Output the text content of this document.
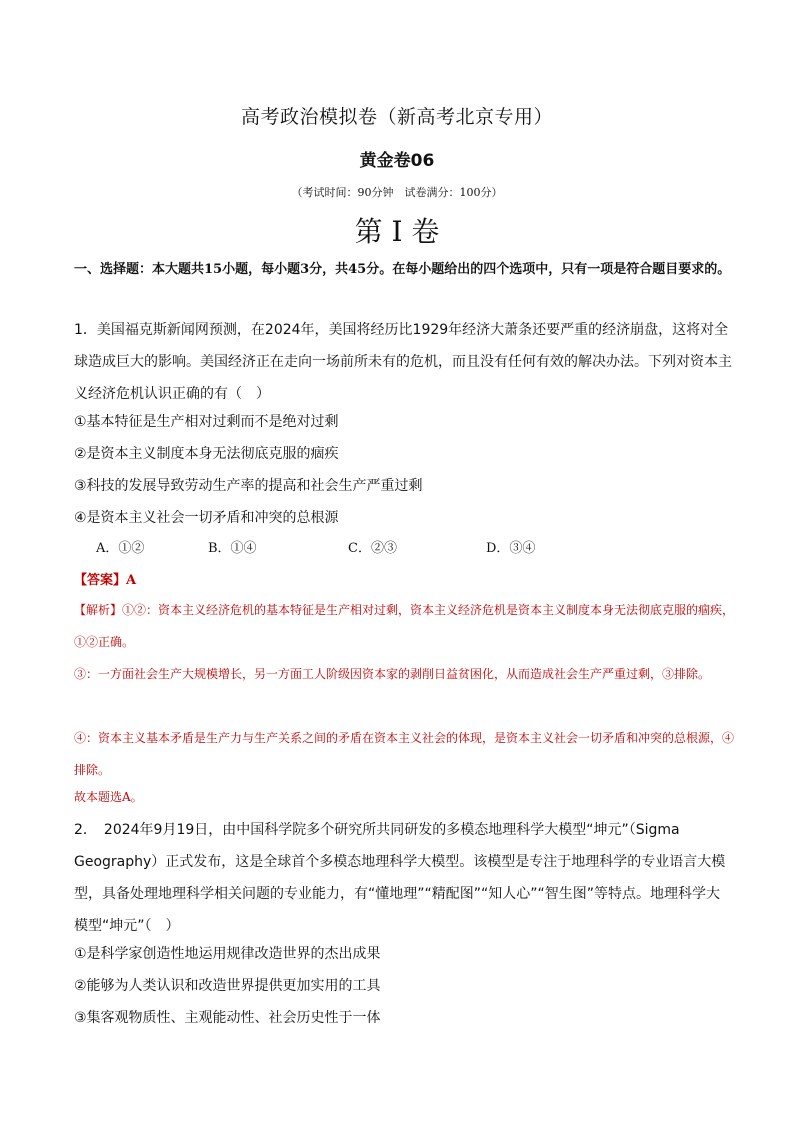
高考政治模拟卷（新高考北京专用）
黄金卷06
（考试时间：90分钟　试卷满分：100分）
第 I 卷
一、选择题：本大题共15小题，每小题3分，共45分。在每小题给出的四个选项中，只有一项是符合题目要求的。
1．美国福克斯新闻网预测，在2024年，美国将经历比1929年经济大萧条还要严重的经济崩盘，这将对全球造成巨大的影响。美国经济正在走向一场前所未有的危机，而且没有任何有效的解决办法。下列对资本主义经济危机认识正确的有（　）
①基本特征是生产相对过剩而不是绝对过剩
②是资本主义制度本身无法彻底克服的痼疾
③科技的发展导致劳动生产率的提高和社会生产严重过剩
④是资本主义社会一切矛盾和冲突的总根源
A．①②	B．①④	C．②③	D．③④
【答案】A
【解析】①②：资本主义经济危机的基本特征是生产相对过剩，资本主义经济危机是资本主义制度本身无法彻底克服的痼疾，①②正确。
③：一方面社会生产大规模增长，另一方面工人阶级因资本家的剥削日益贫困化，从而造成社会生产严重过剩，③排除。
④：资本主义基本矛盾是生产力与生产关系之间的矛盾在资本主义社会的体现，是资本主义社会一切矛盾和冲突的总根源，④排除。
故本题选A。
2．　2024年9月19日，由中国科学院多个研究所共同研发的多模态地理科学大模型“坤元”（Sigma Geography）正式发布，这是全球首个多模态地理科学大模型。该模型是专注于地理科学的专业语言大模型，具备处理地理科学相关问题的专业能力，有“懂地理”“精配图”“知人心”“智生图”等特点。地理科学大模型“坤元”（　）
①是科学家创造性地运用规律改造世界的杰出成果
②能够为人类认识和改造世界提供更加实用的工具
③集客观物质性、主观能动性、社会历史性于一体
